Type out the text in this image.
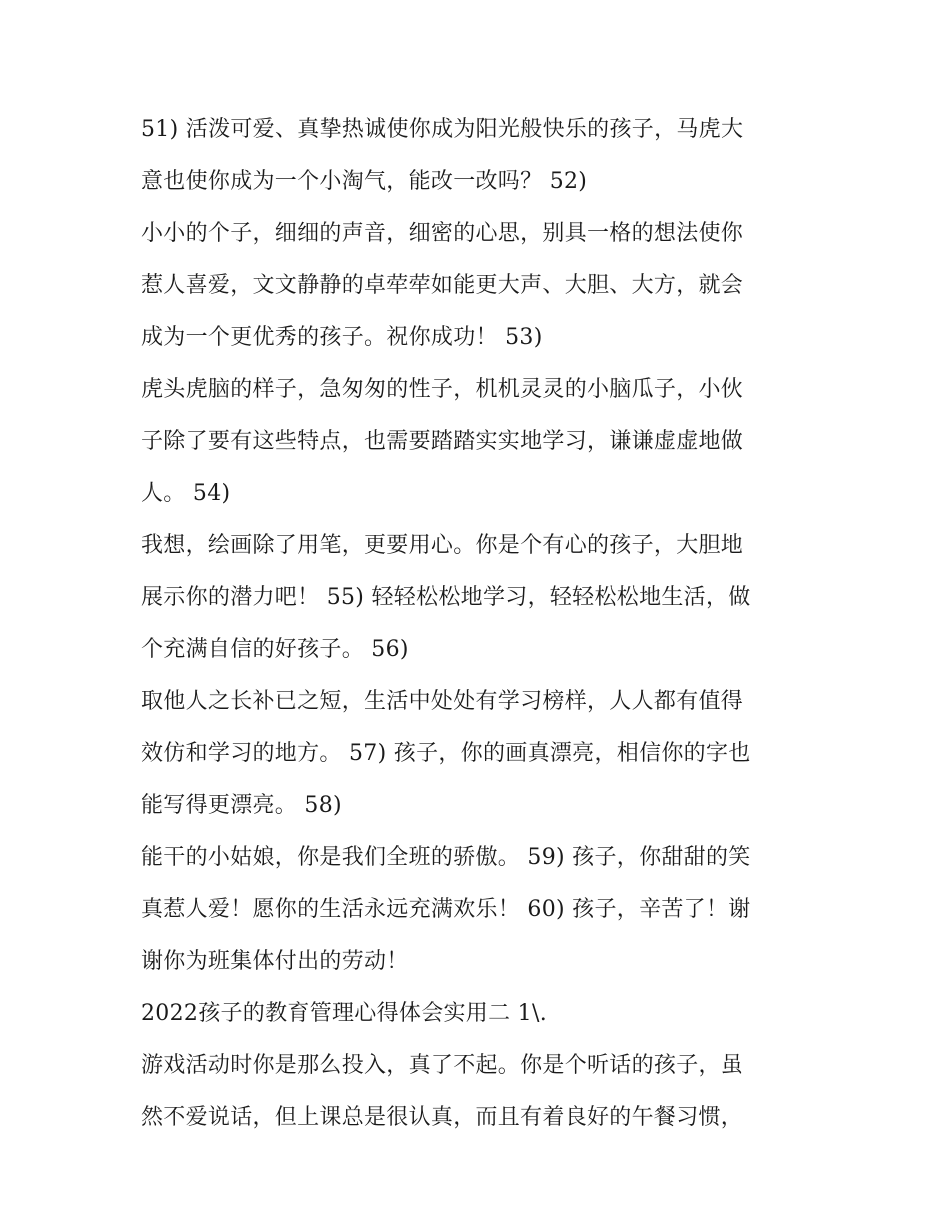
51) 活泼可爱、真挚热诚使你成为阳光般快乐的孩子，马虎大
意也使你成为一个小淘气，能改一改吗？ 52)
小小的个子，细细的声音，细密的心思，别具一格的想法使你
惹人喜爱，文文静静的卓荦荦如能更大声、大胆、大方，就会
成为一个更优秀的孩子。祝你成功！ 53)
虎头虎脑的样子，急匆匆的性子，机机灵灵的小脑瓜子，小伙
子除了要有这些特点，也需要踏踏实实地学习，谦谦虚虚地做
人。 54)
我想，绘画除了用笔，更要用心。你是个有心的孩子，大胆地
展示你的潜力吧！ 55) 轻轻松松地学习，轻轻松松地生活，做
个充满自信的好孩子。 56)
取他人之长补已之短，生活中处处有学习榜样，人人都有值得
效仿和学习的地方。 57) 孩子，你的画真漂亮，相信你的字也
能写得更漂亮。 58)
能干的小姑娘，你是我们全班的骄傲。 59) 孩子，你甜甜的笑
真惹人爱！愿你的生活永远充满欢乐！ 60) 孩子，辛苦了！谢
谢你为班集体付出的劳动！
2022孩子的教育管理心得体会实用二 1\.
游戏活动时你是那么投入，真了不起。你是个听话的孩子，虽
然不爱说话，但上课总是很认真，而且有着良好的午餐习惯，
